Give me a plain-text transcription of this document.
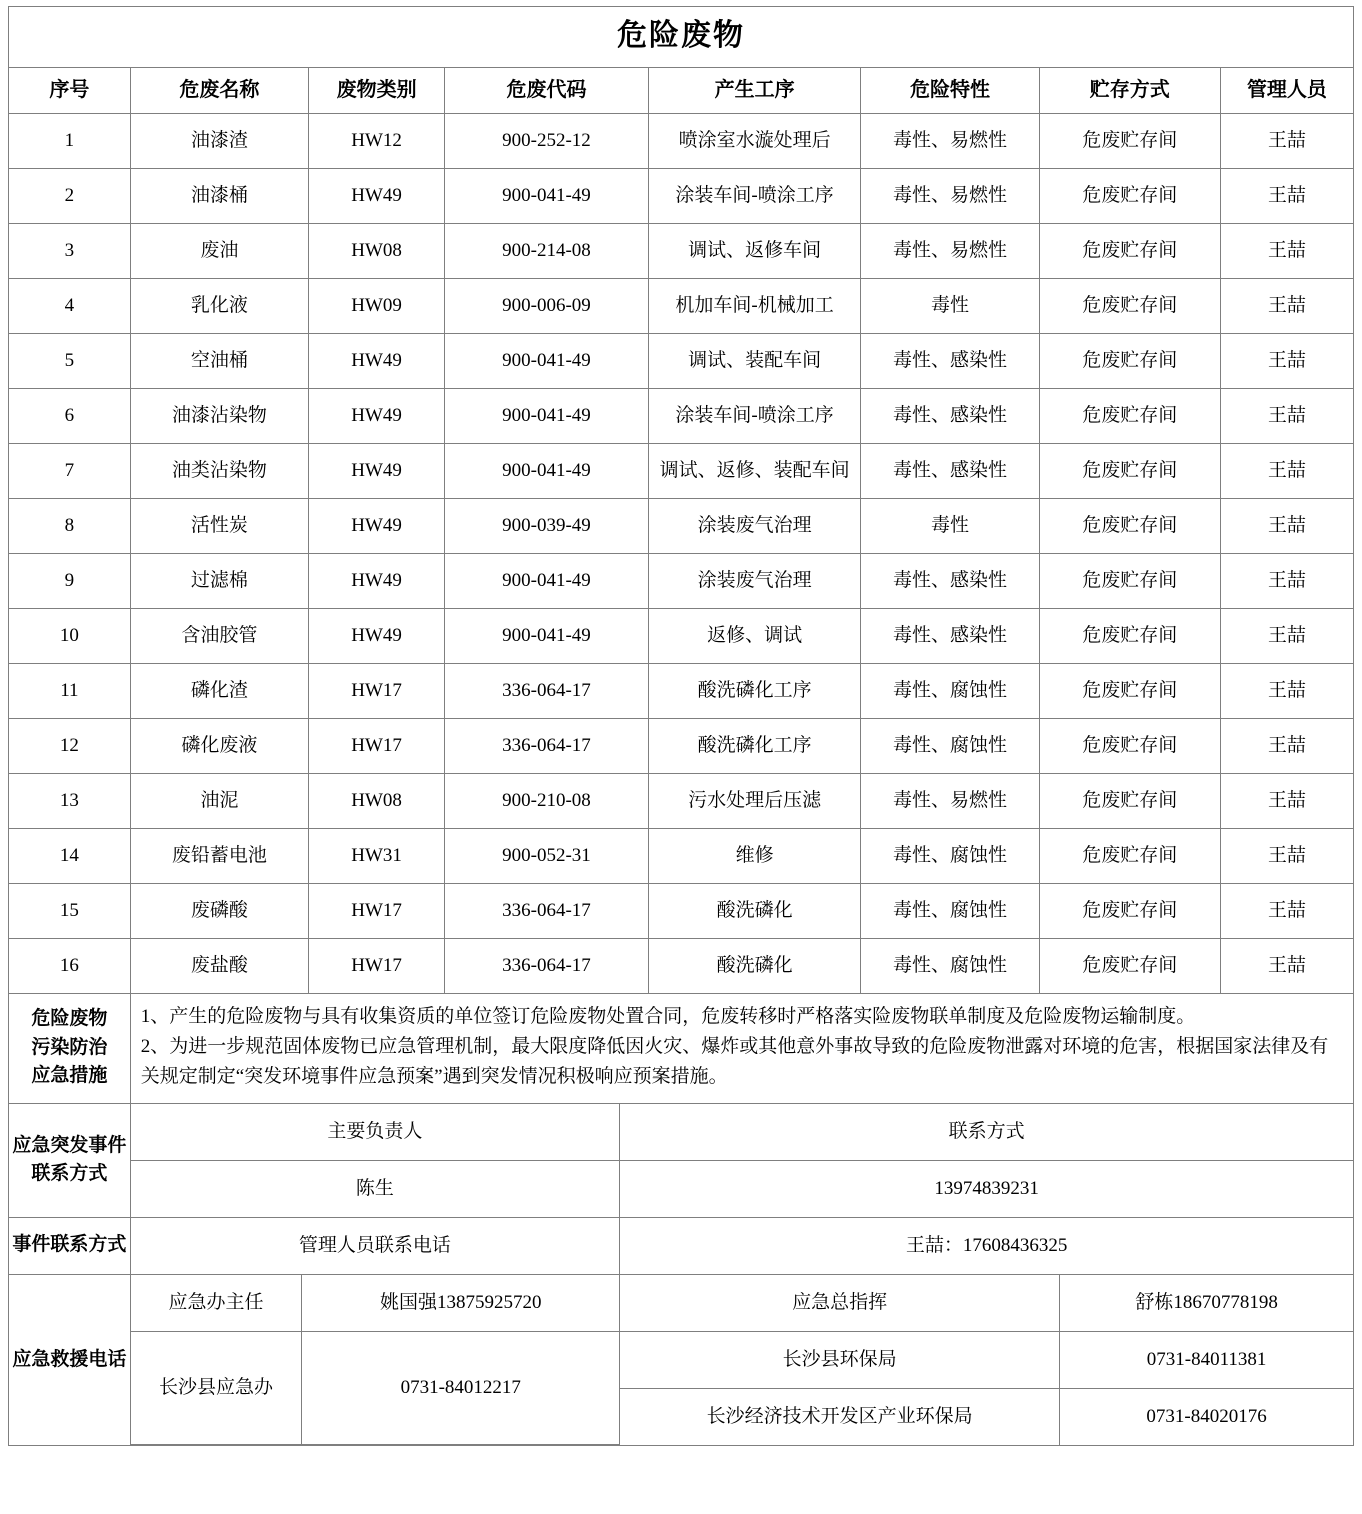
危险废物
序号	危废名称	废物类别	危废代码	产生工序	危险特性	贮存方式	管理人员
1	油漆渣	HW12	900-252-12	喷涂室水漩处理后	毒性、易燃性	危废贮存间	王喆
2	油漆桶	HW49	900-041-49	涂装车间-喷涂工序	毒性、易燃性	危废贮存间	王喆
3	废油	HW08	900-214-08	调试、返修车间	毒性、易燃性	危废贮存间	王喆
4	乳化液	HW09	900-006-09	机加车间-机械加工	毒性	危废贮存间	王喆
5	空油桶	HW49	900-041-49	调试、装配车间	毒性、感染性	危废贮存间	王喆
6	油漆沾染物	HW49	900-041-49	涂装车间-喷涂工序	毒性、感染性	危废贮存间	王喆
7	油类沾染物	HW49	900-041-49	调试、返修、装配车间	毒性、感染性	危废贮存间	王喆
8	活性炭	HW49	900-039-49	涂装废气治理	毒性	危废贮存间	王喆
9	过滤棉	HW49	900-041-49	涂装废气治理	毒性、感染性	危废贮存间	王喆
10	含油胶管	HW49	900-041-49	返修、调试	毒性、感染性	危废贮存间	王喆
11	磷化渣	HW17	336-064-17	酸洗磷化工序	毒性、腐蚀性	危废贮存间	王喆
12	磷化废液	HW17	336-064-17	酸洗磷化工序	毒性、腐蚀性	危废贮存间	王喆
13	油泥	HW08	900-210-08	污水处理后压滤	毒性、易燃性	危废贮存间	王喆
14	废铅蓄电池	HW31	900-052-31	维修	毒性、腐蚀性	危废贮存间	王喆
15	废磷酸	HW17	336-064-17	酸洗磷化	毒性、腐蚀性	危废贮存间	王喆
16	废盐酸	HW17	336-064-17	酸洗磷化	毒性、腐蚀性	危废贮存间	王喆

危险废物
污染防治
应急措施

1、产生的危险废物与具有收集资质的单位签订危险废物处置合同，危废转移时严格落实险废物联单制度及危险废物运输制度。
2、为进一步规范固体废物已应急管理机制，最大限度降低因火灾、爆炸或其他意外事故导致的危险废物泄露对环境的危害，根据国家法律及有关规定制定“突发环境事件应急预案”遇到突发情况积极响应预案措施。

应急突发事件
联系方式

主要负责人	联系方式
陈生	13974839231

事件联系方式		管理人员联系电话	王喆：17608436325

应急救援电话	
应急办主任	姚国强13875925720	应急总指挥	舒栋18670778198
长沙县应急办	0731-84012217	长沙县环保局	0731-84011381
长沙经济技术开发区产业环保局	0731-84020176
